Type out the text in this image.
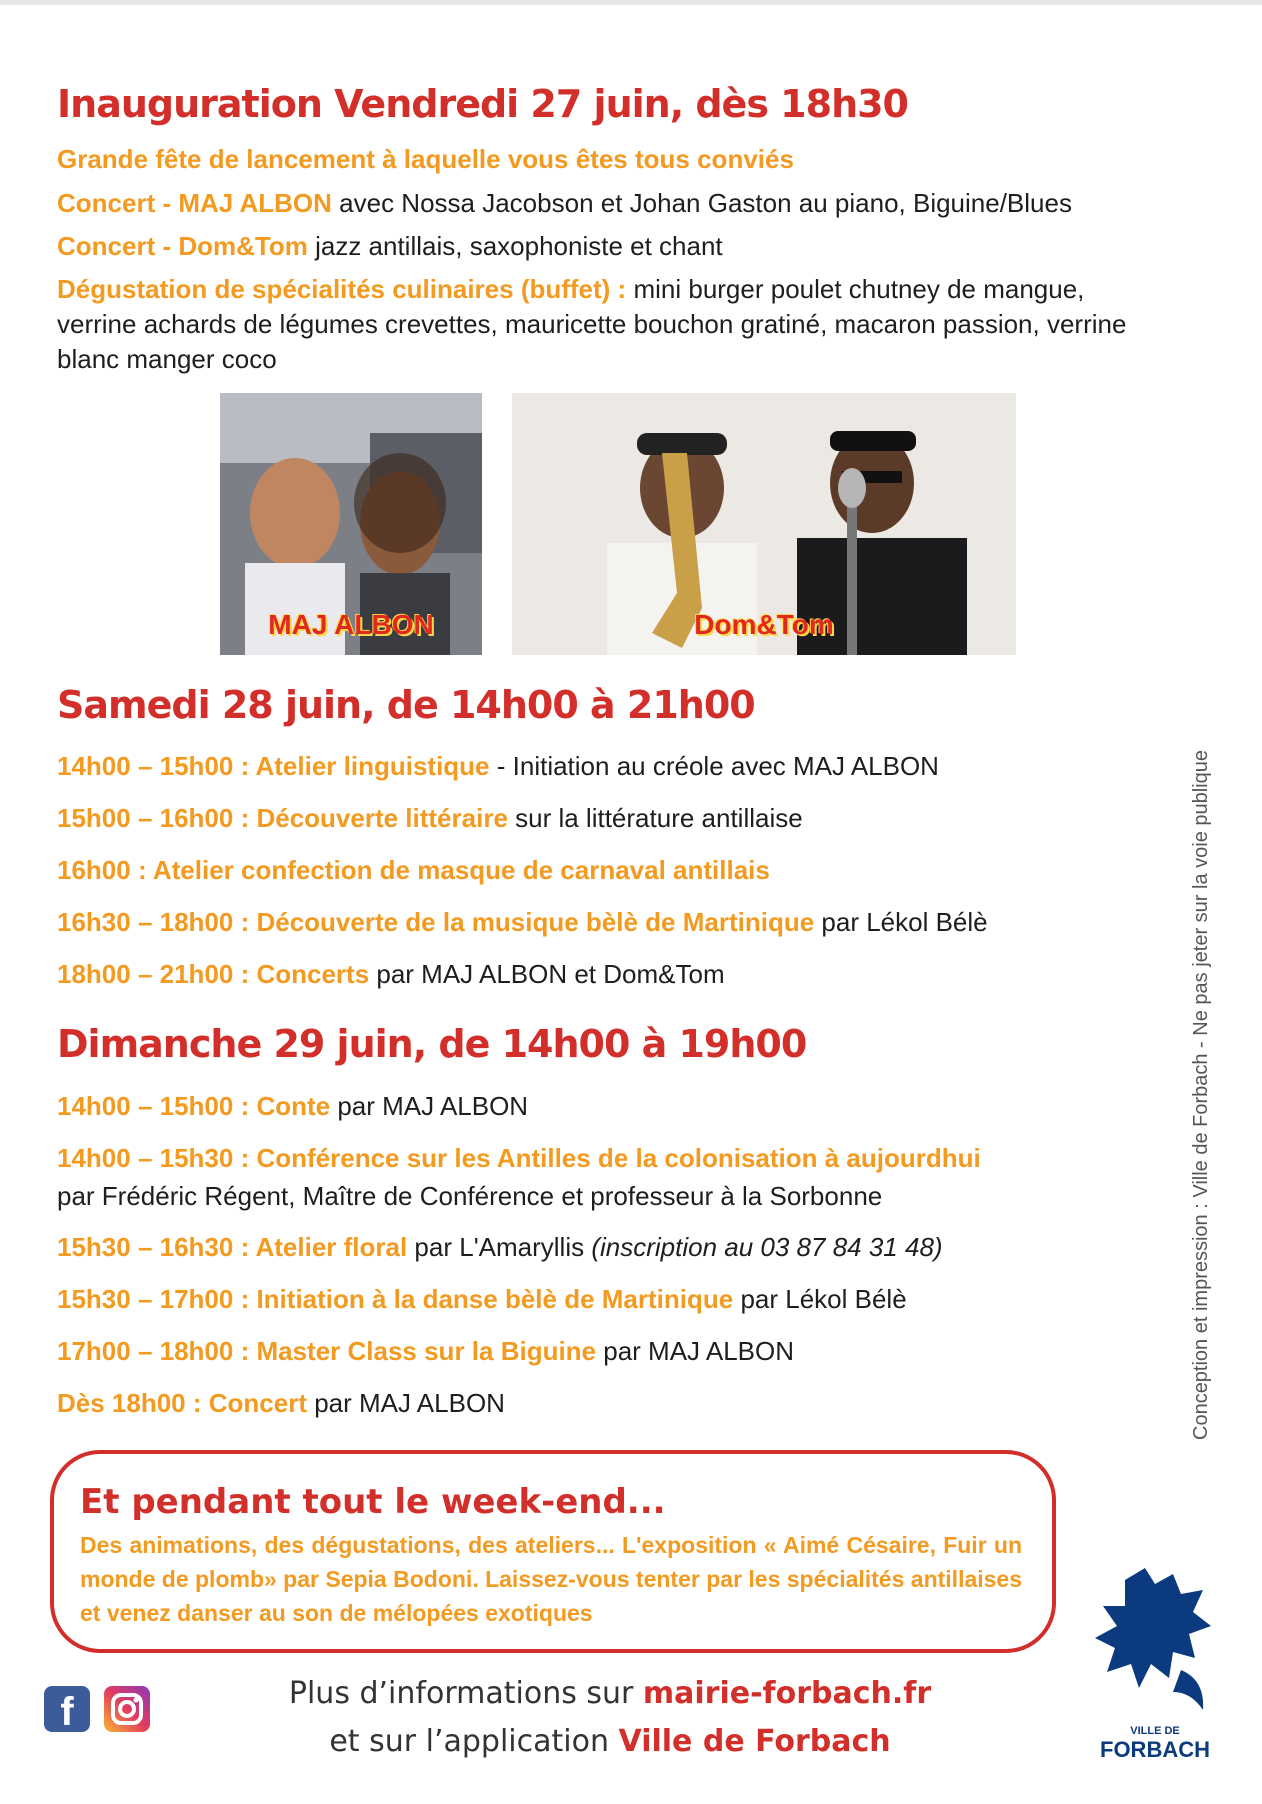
Inauguration Vendredi 27 juin, dès 18h30
Grande fête de lancement à laquelle vous êtes tous conviés
Concert - MAJ ALBON avec Nossa Jacobson et Johan Gaston au piano, Biguine/Blues
Concert - Dom&Tom jazz antillais, saxophoniste et chant
Dégustation de spécialités culinaires (buffet) : mini burger poulet chutney de mangue, verrine achards de légumes crevettes, mauricette bouchon gratiné, macaron passion, verrine blanc manger coco
MAJ ALBON	Dom&Tom
Samedi 28 juin, de 14h00 à 21h00
14h00 – 15h00 : Atelier linguistique - Initiation au créole avec MAJ ALBON
15h00 – 16h00 : Découverte littéraire sur la littérature antillaise
16h00 : Atelier confection de masque de carnaval antillais
16h30 – 18h00 : Découverte de la musique bèlè de Martinique par Lékol Bélè
18h00 – 21h00 : Concerts par MAJ ALBON et Dom&Tom
Dimanche 29 juin, de 14h00 à 19h00
14h00 – 15h00 : Conte par MAJ ALBON
14h00 – 15h30 : Conférence sur les Antilles de la colonisation à aujourdhui
par Frédéric Régent, Maître de Conférence et professeur à la Sorbonne
15h30 – 16h30 : Atelier floral par L'Amaryllis (inscription au 03 87 84 31 48)
15h30 – 17h00 : Initiation à la danse bèlè de Martinique par Lékol Bélè
17h00 – 18h00 : Master Class sur la Biguine par MAJ ALBON
Dès 18h00 : Concert par MAJ ALBON	Conception et impression : Ville de Forbach - Ne pas jeter sur la voie publique
Et pendant tout le week-end...
Des animations, des dégustations, des ateliers... L'exposition « Aimé Césaire, Fuir un monde de plomb» par Sepia Bodoni. Laissez-vous tenter par les spécialités antillaises et venez danser au son de mélopées exotiques
f	Plus d’informations sur mairie-forbach.fr
et sur l’application Ville de Forbach	VILLE DE
FORBACH
